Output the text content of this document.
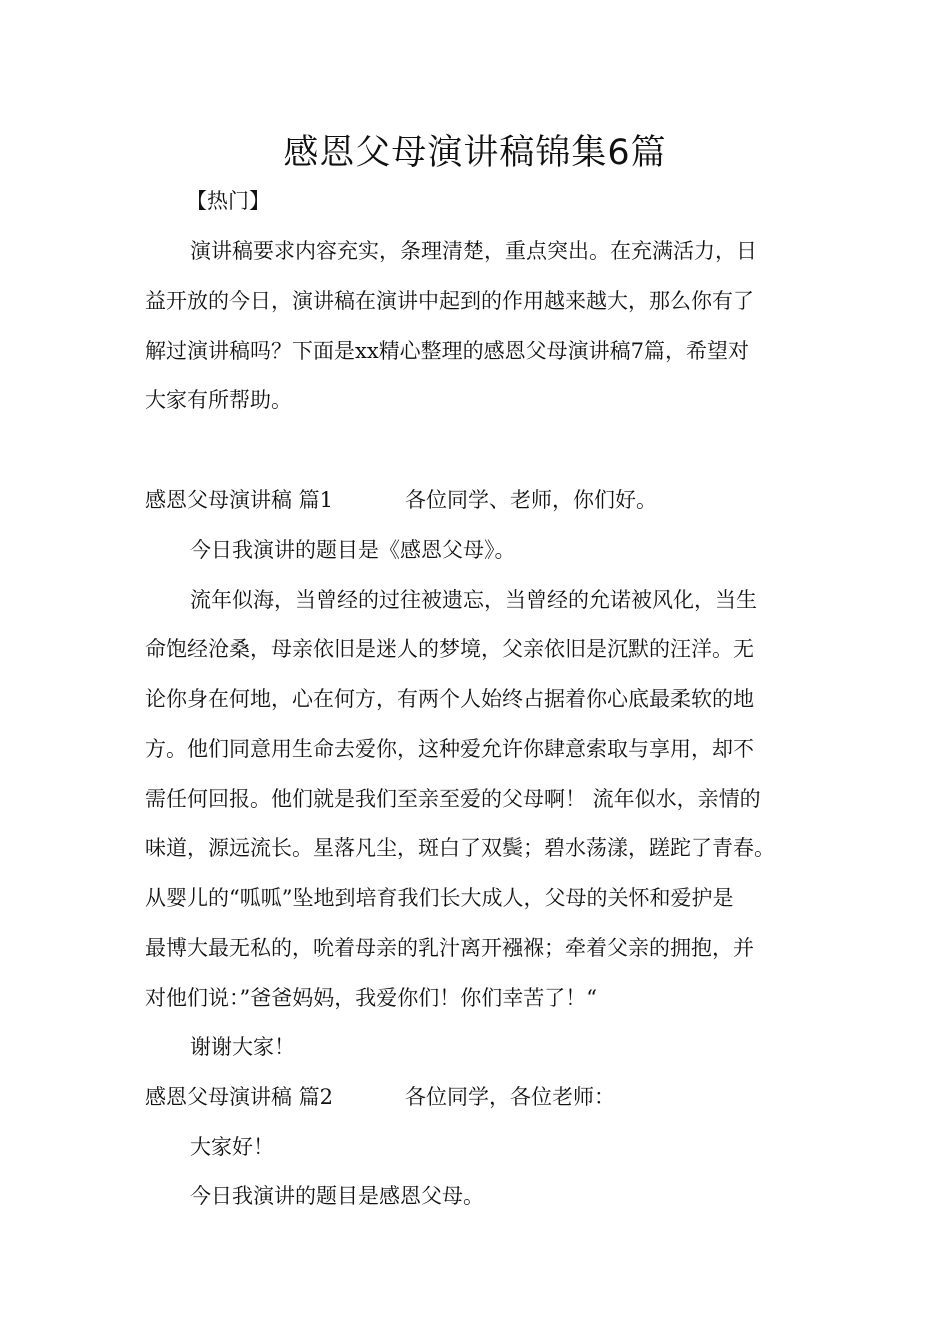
感恩父母演讲稿锦集6篇

【热门】

演讲稿要求内容充实，条理清楚，重点突出。在充满活力，日

益开放的今日，演讲稿在演讲中起到的作用越来越大，那么你有了

解过演讲稿吗？下面是xx精心整理的感恩父母演讲稿7篇，希望对

大家有所帮助。

感恩父母演讲稿 篇1	各位同学、老师，你们好。

今日我演讲的题目是《感恩父母》。

流年似海，当曾经的过往被遗忘，当曾经的允诺被风化，当生

命饱经沧桑，母亲依旧是迷人的梦境，父亲依旧是沉默的汪洋。无

论你身在何地，心在何方，有两个人始终占据着你心底最柔软的地

方。他们同意用生命去爱你，这种爱允许你肆意索取与享用，却不

需任何回报。他们就是我们至亲至爱的父母啊！ 流年似水，亲情的

味道，源远流长。星落凡尘，斑白了双鬓；碧水荡漾，蹉跎了青春。

从婴儿的“呱呱”坠地到培育我们长大成人，父母的关怀和爱护是

最博大最无私的，吮着母亲的乳汁离开襁褓；牵着父亲的拥抱，并

对他们说：”爸爸妈妈，我爱你们！你们幸苦了！“

谢谢大家！

感恩父母演讲稿 篇2	各位同学，各位老师：

大家好！

今日我演讲的题目是感恩父母。
